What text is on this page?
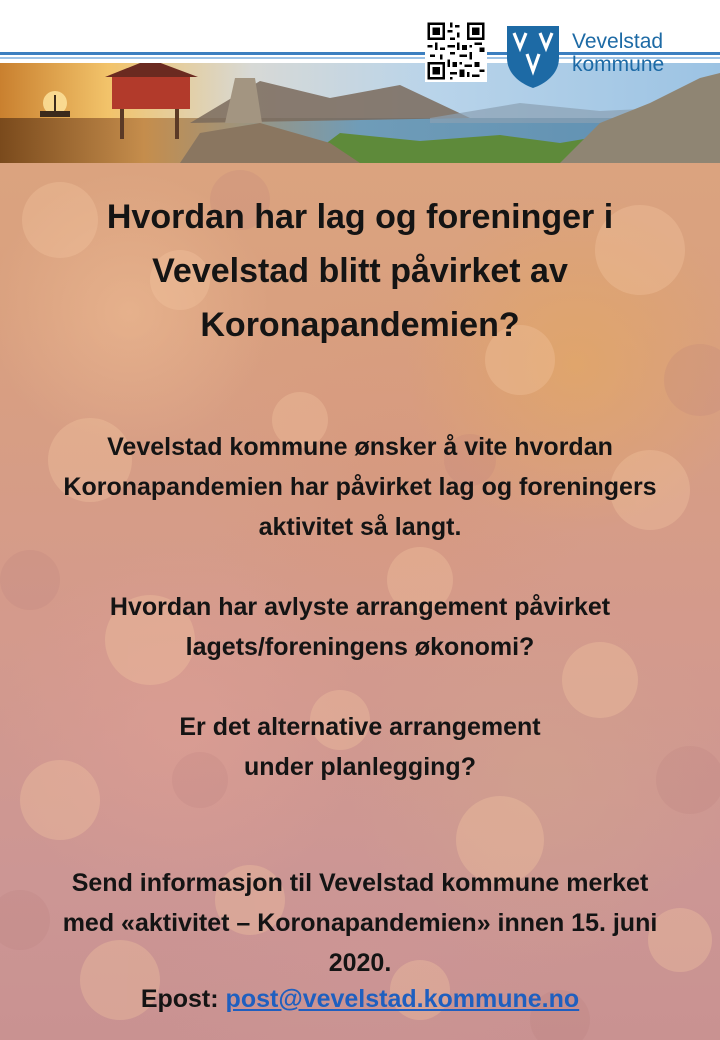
Vevelstad
kommune
Hvordan har lag og foreninger i
Vevelstad blitt påvirket av
Koronapandemien?

Vevelstad kommune ønsker å vite hvordan
Koronapandemien har påvirket lag og foreningers
aktivitet så langt.

Hvordan har avlyste arrangement påvirket
lagets/foreningens økonomi?

Er det alternative arrangement
under planlegging?

Send informasjon til Vevelstad kommune merket
med «aktivitet – Koronapandemien» innen 15. juni
2020.

Epost: post@vevelstad.kommune.no
